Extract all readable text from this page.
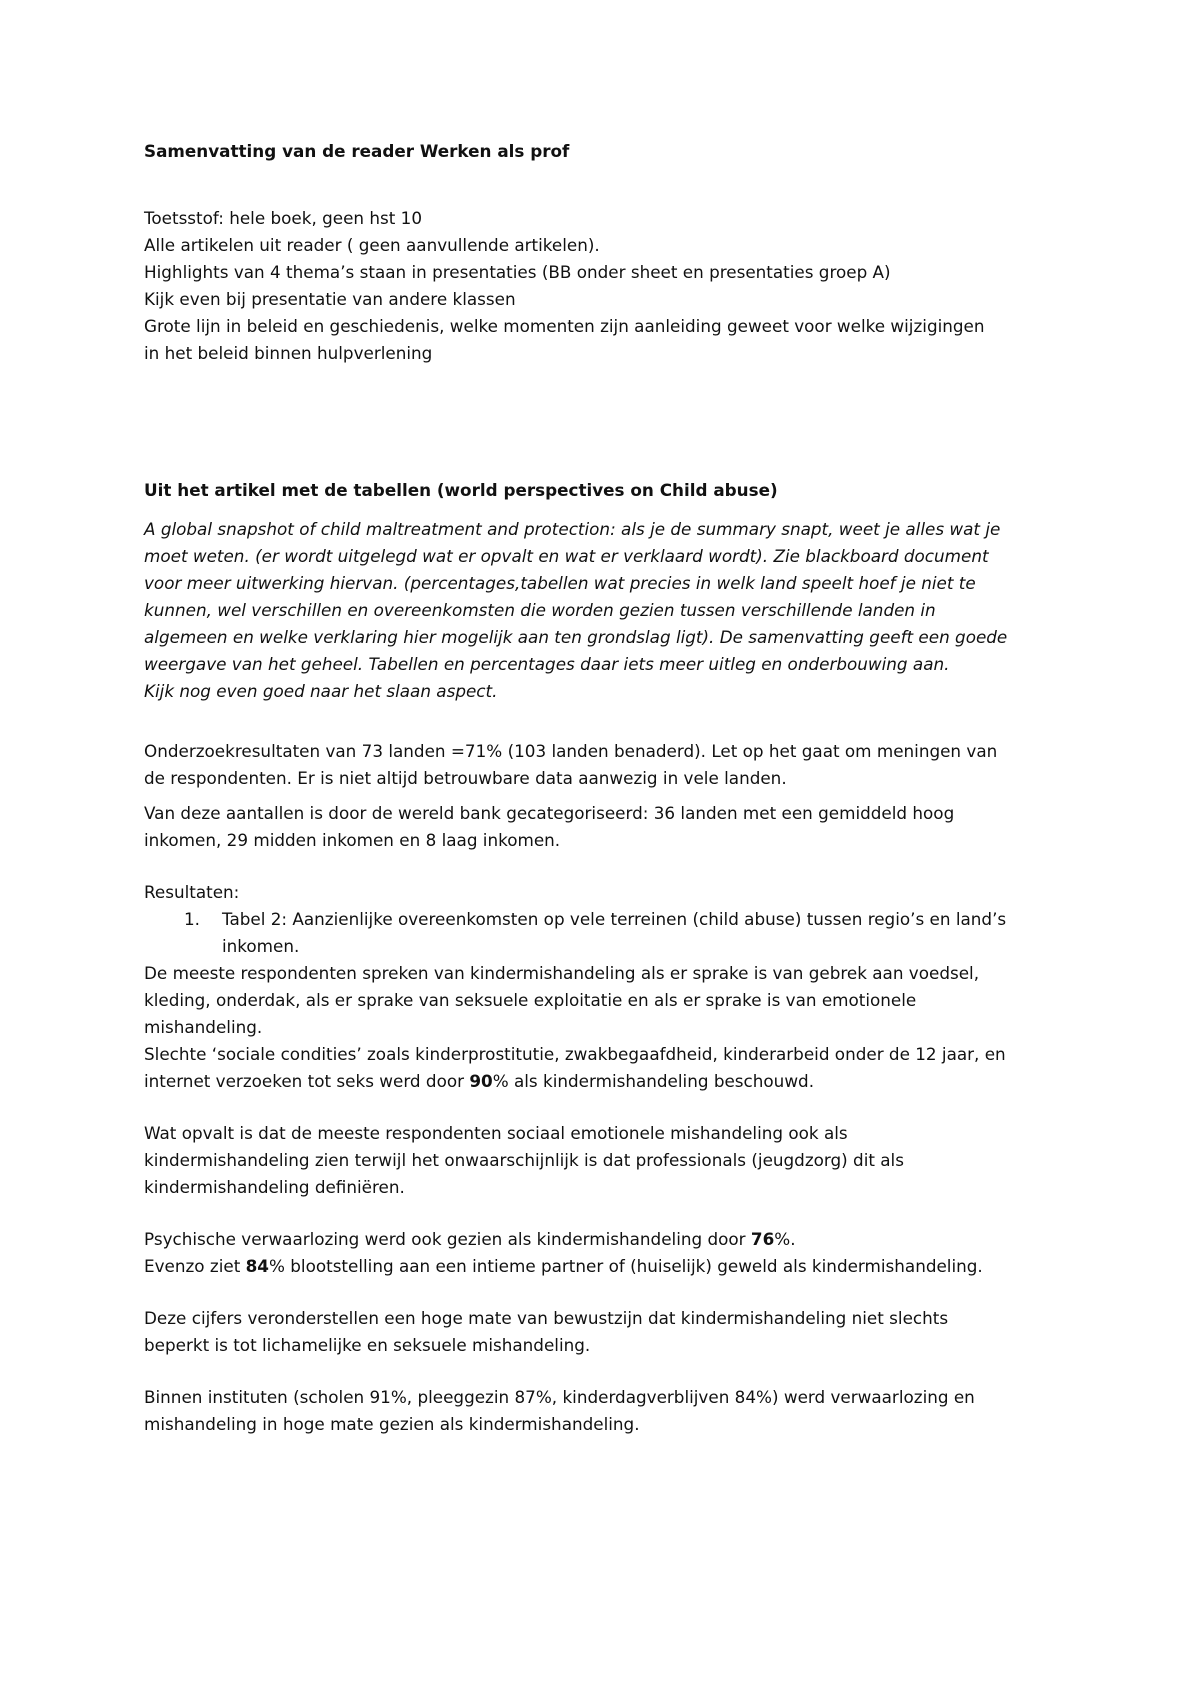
Samenvatting van de reader Werken als prof
Toetsstof: hele boek, geen hst 10
Alle artikelen uit reader ( geen aanvullende artikelen).
Highlights van 4 thema’s staan in presentaties (BB onder sheet en presentaties groep A)
Kijk even bij presentatie van andere klassen
Grote lijn in beleid en geschiedenis, welke momenten zijn aanleiding geweet voor welke wijzigingen
in het beleid binnen hulpverlening
Uit het artikel met de tabellen (world perspectives on Child abuse)
A global snapshot of child maltreatment and protection: als je de summary snapt, weet je alles wat je
moet weten. (er wordt uitgelegd wat er opvalt en wat er verklaard wordt). Zie blackboard document
voor meer uitwerking hiervan. (percentages,tabellen wat precies in welk land speelt hoef je niet te
kunnen, wel verschillen en overeenkomsten die worden gezien tussen verschillende landen in
algemeen en welke verklaring hier mogelijk aan ten grondslag ligt). De samenvatting geeft een goede
weergave van het geheel. Tabellen en percentages daar iets meer uitleg en onderbouwing aan.
Kijk nog even goed naar het slaan aspect.
Onderzoekresultaten van 73 landen =71% (103 landen benaderd). Let op het gaat om meningen van
de respondenten. Er is niet altijd betrouwbare data aanwezig in vele landen.
Van deze aantallen is door de wereld bank gecategoriseerd: 36 landen met een gemiddeld hoog
inkomen, 29 midden inkomen en 8 laag inkomen.
Resultaten:
1. Tabel 2: Aanzienlijke overeenkomsten op vele terreinen (child abuse) tussen regio’s en land’s
inkomen.
De meeste respondenten spreken van kindermishandeling als er sprake is van gebrek aan voedsel,
kleding, onderdak, als er sprake van seksuele exploitatie en als er sprake is van emotionele
mishandeling.
Slechte ‘sociale condities’ zoals kinderprostitutie, zwakbegaafdheid, kinderarbeid onder de 12 jaar, en
internet verzoeken tot seks werd door 90% als kindermishandeling beschouwd.
Wat opvalt is dat de meeste respondenten sociaal emotionele mishandeling ook als
kindermishandeling zien terwijl het onwaarschijnlijk is dat professionals (jeugdzorg) dit als
kindermishandeling definiëren.
Psychische verwaarlozing werd ook gezien als kindermishandeling door 76%.
Evenzo ziet 84% blootstelling aan een intieme partner of (huiselijk) geweld als kindermishandeling.
Deze cijfers veronderstellen een hoge mate van bewustzijn dat kindermishandeling niet slechts
beperkt is tot lichamelijke en seksuele mishandeling.
Binnen instituten (scholen 91%, pleeggezin 87%, kinderdagverblijven 84%) werd verwaarlozing en
mishandeling in hoge mate gezien als kindermishandeling.
